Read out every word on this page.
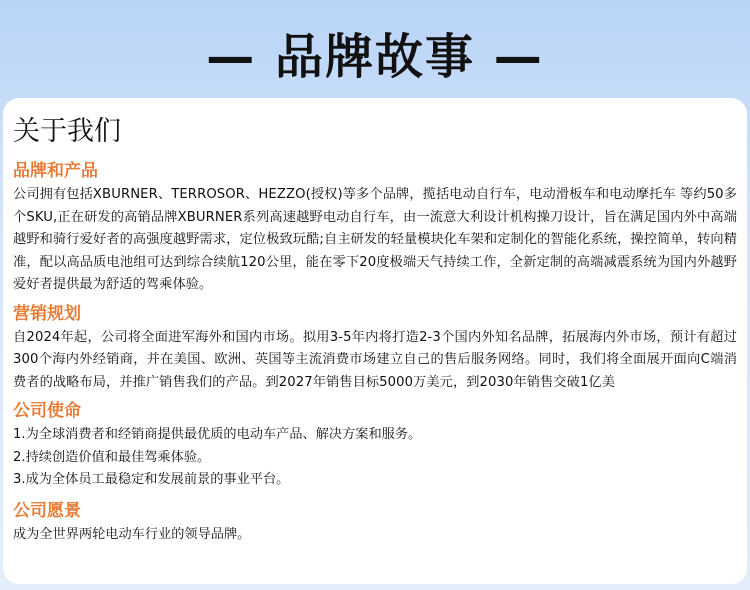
— 品牌故事 —
关于我们
品牌和产品

公司拥有包括XBURNER、TERROSOR、HEZZO(授权)等多个品牌，揽括电动自行车，电动滑板车和电动摩托车 等约50多个SKU,正在研发的高销品牌XBURNER系列高速越野电动自行车，由一流意大利设计机构操刀设计，旨在满足国内外中高端越野和骑行爱好者的高强度越野需求，定位极致玩酷;自主研发的轻量模块化车架和定制化的智能化系统，操控简单，转向精准，配以高品质电池组可达到综合续航120公里，能在零下20度极端天气持续工作，全新定制的高端减震系统为国内外越野爱好者提供最为舒适的驾乘体验。

营销规划

自2024年起，公司将全面进军海外和国内市场。拟用3-5年内将打造2-3个国内外知名品牌，拓展海内外市场，预计有超过300个海内外经销商，并在美国、欧洲、英国等主流消费市场建立自己的售后服务网络。同时，我们将全面展开面向C端消费者的战略布局，并推广销售我们的产品。到2027年销售目标5000万美元，到2030年销售交破1亿美

公司使命
1.为全球消费者和经销商提供最优质的电动车产品、解决方案和服务。
2.持续创造价值和最佳驾乘体验。
3.成为全体员工最稳定和发展前景的事业平台。
公司愿景
成为全世界两轮电动车行业的领导品牌。
